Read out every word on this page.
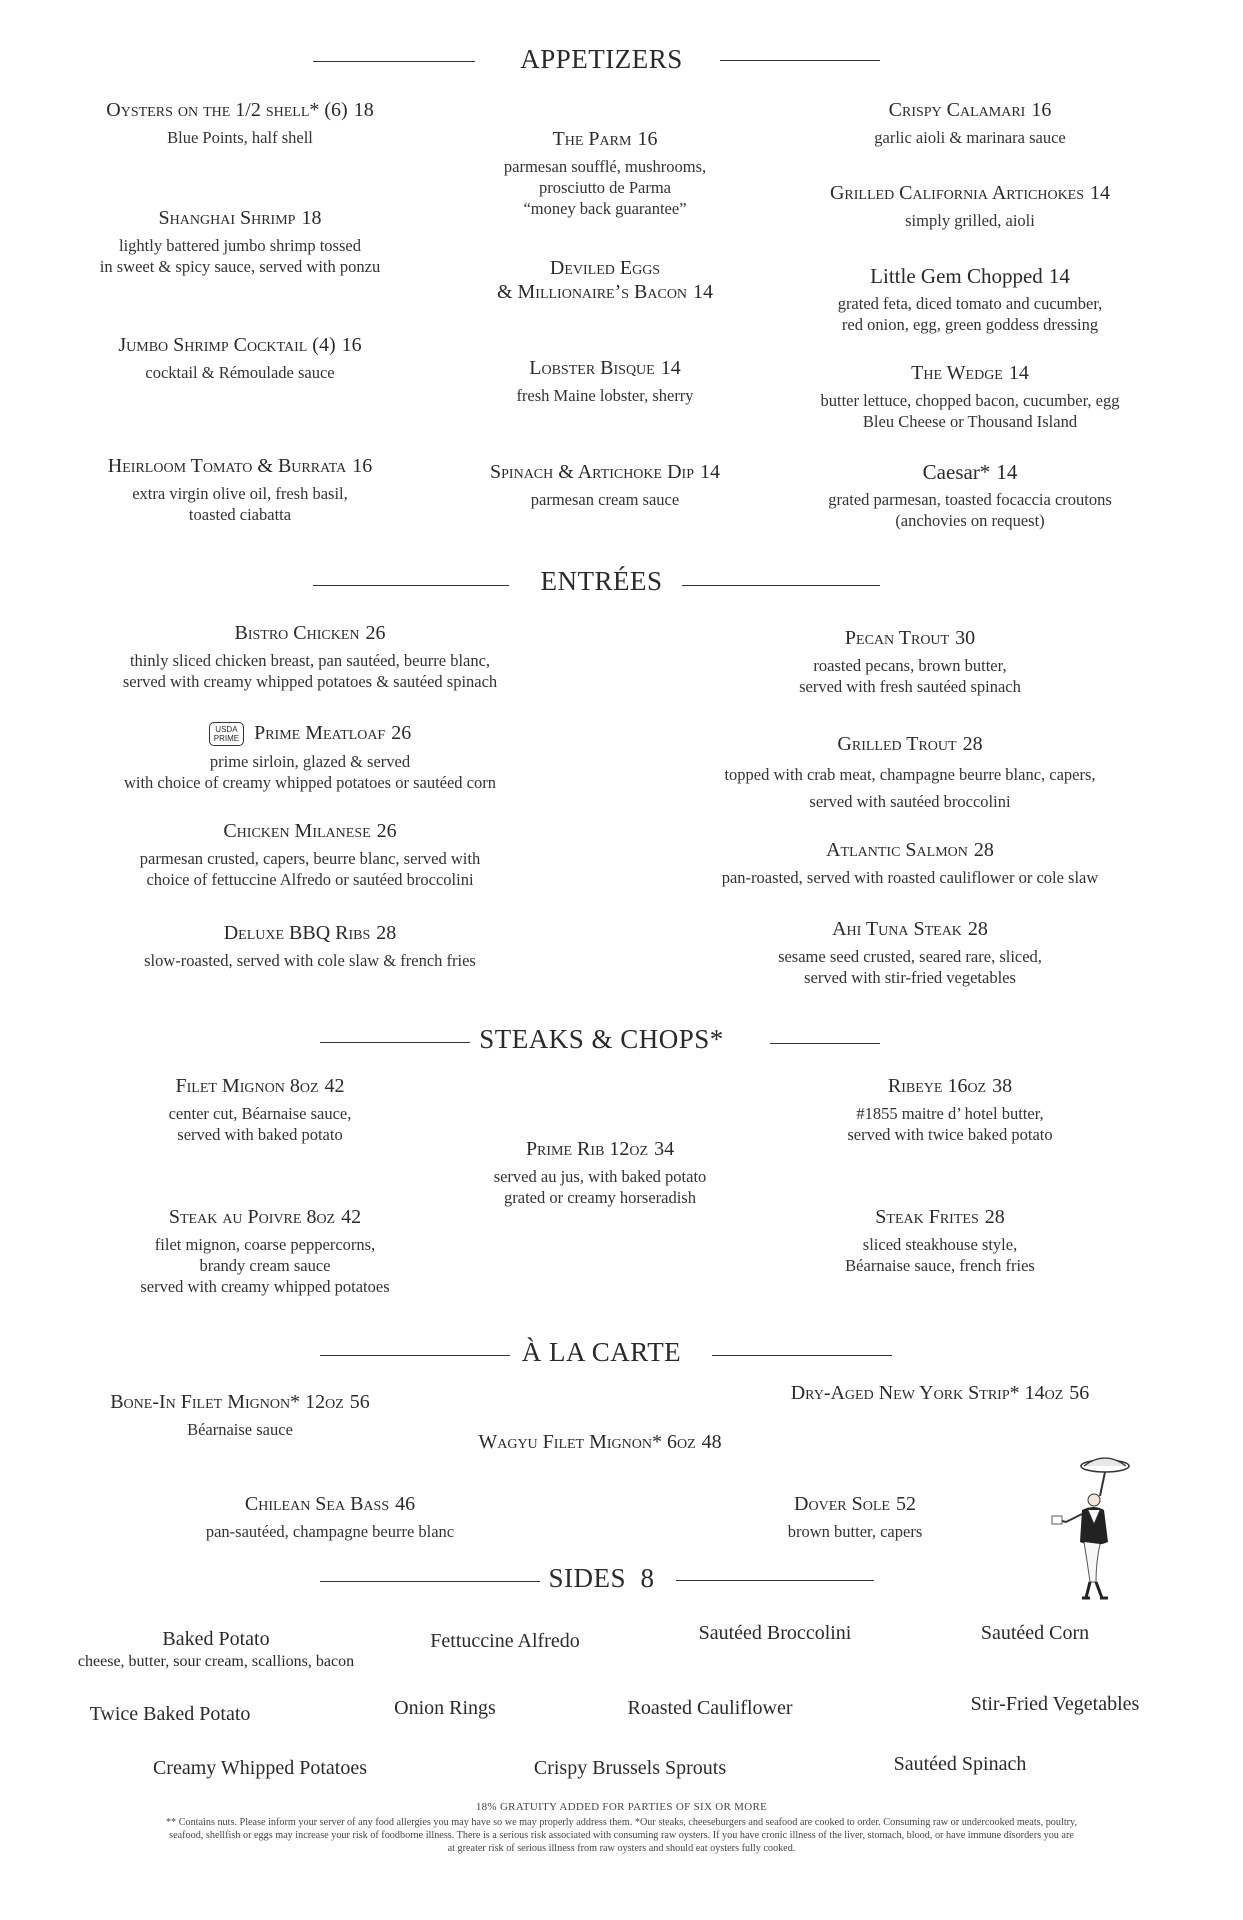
APPETIZERS
Oysters on the 1/2 shell* (6) 18
Blue Points, half shell
Shanghai Shrimp 18
lightly battered jumbo shrimp tossed
in sweet & spicy sauce, served with ponzu
Jumbo Shrimp Cocktail (4) 16
cocktail & Rémoulade sauce
Heirloom Tomato & Burrata 16
extra virgin olive oil, fresh basil,
toasted ciabatta
The Parm 16
parmesan soufflé, mushrooms,
prosciutto de Parma
“money back guarantee”
Deviled Eggs
& Millionaire’s Bacon 14
Lobster Bisque 14
fresh Maine lobster, sherry
Spinach & Artichoke Dip 14
parmesan cream sauce
Crispy Calamari 16
garlic aioli & marinara sauce
Grilled California Artichokes 14
simply grilled, aioli
Little Gem Chopped 14
grated feta, diced tomato and cucumber,
red onion, egg, green goddess dressing
The Wedge 14
butter lettuce, chopped bacon, cucumber, egg
Bleu Cheese or Thousand Island
Caesar* 14
grated parmesan, toasted focaccia croutons
(anchovies on request)
ENTRÉES
Bistro Chicken 26
thinly sliced chicken breast, pan sautéed, beurre blanc,
served with creamy whipped potatoes & sautéed spinach
USDA
PRIME Prime Meatloaf 26
prime sirloin, glazed & served
with choice of creamy whipped potatoes or sautéed corn
Chicken Milanese 26
parmesan crusted, capers, beurre blanc, served with
choice of fettuccine Alfredo or sautéed broccolini
Deluxe BBQ Ribs 28
slow-roasted, served with cole slaw & french fries
Pecan Trout 30
roasted pecans, brown butter,
served with fresh sautéed spinach
Grilled Trout 28
topped with crab meat, champagne beurre blanc, capers,
served with sautéed broccolini
Atlantic Salmon 28
pan-roasted, served with roasted cauliflower or cole slaw
Ahi Tuna Steak 28
sesame seed crusted, seared rare, sliced,
served with stir-fried vegetables
STEAKS & CHOPS*
Filet Mignon 8oz 42
center cut, Béarnaise sauce,
served with baked potato
Steak au Poivre 8oz 42
filet mignon, coarse peppercorns,
brandy cream sauce
served with creamy whipped potatoes
Prime Rib 12oz 34
served au jus, with baked potato
grated or creamy horseradish
Ribeye 16oz 38
#1855 maitre d’ hotel butter,
served with twice baked potato
Steak Frites 28
sliced steakhouse style,
Béarnaise sauce, french fries
À LA CARTE
Bone-In Filet Mignon* 12oz 56
Béarnaise sauce
Wagyu Filet Mignon* 6oz 48
Chilean Sea Bass 46
pan-sautéed, champagne beurre blanc
Dry-Aged New York Strip* 14oz 56
Dover Sole 52
brown butter, capers
SIDES  8
Baked Potato
cheese, butter, sour cream, scallions, bacon
Fettuccine Alfredo	Sautéed Broccolini	Sautéed Corn
Twice Baked Potato	Onion Rings	Roasted Cauliflower	Stir-Fried Vegetables
Creamy Whipped Potatoes	Crispy Brussels Sprouts	Sautéed Spinach
18% GRATUITY ADDED FOR PARTIES OF SIX OR MORE
** Contains nuts. Please inform your server of any food allergies you may have so we may properly address them. *Our steaks, cheeseburgers and seafood are cooked to order. Consuming raw or undercooked meats, poultry,
seafood, shellfish or eggs may increase your risk of foodborne illness. There is a serious risk associated with consuming raw oysters. If you have cronic illness of the liver, stomach, blood, or have immune disorders you are
at greater risk of serious illness from raw oysters and should eat oysters fully cooked.
